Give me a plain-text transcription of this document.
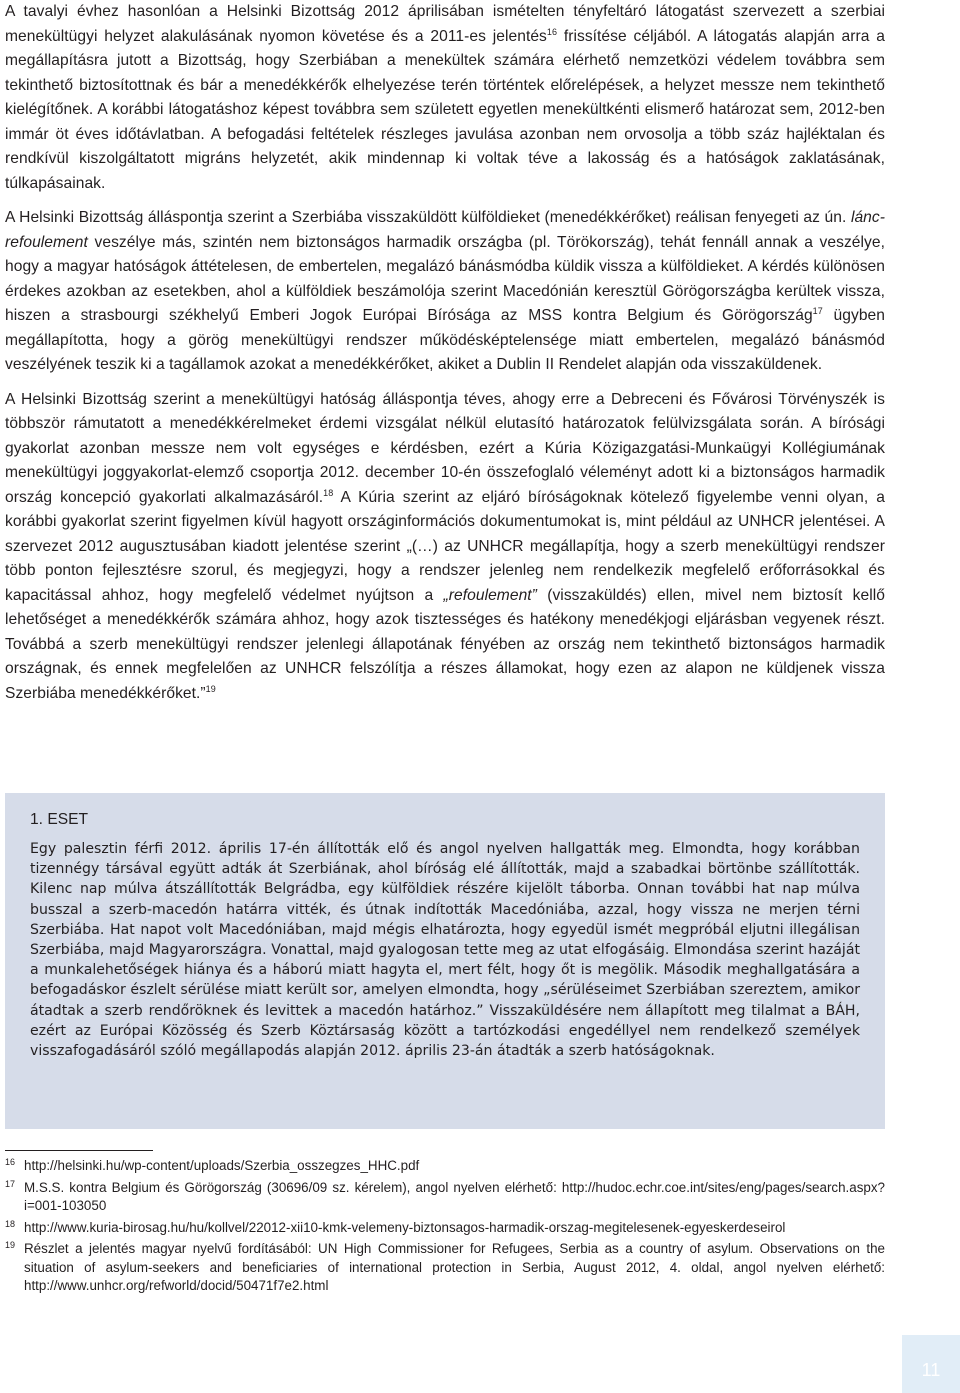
A tavalyi évhez hasonlóan a Helsinki Bizottság 2012 áprilisában ismételten tényfeltáró látogatást szervezett a szerbiai menekültügyi helyzet alakulásának nyomon követése és a 2011-es jelentés$^{16}$ frissítése céljából. A látogatás alapján arra a megállapításra jutott a Bizottság, hogy Szerbiában a menekültek számára elérhető nemzetközi védelem továbbra sem tekinthető biztosítottnak és bár a menedékkérők elhelyezése terén történtek előrelépések, a helyzet messze nem tekinthető kielégítőnek. A korábbi látogatáshoz képest továbbra sem született egyetlen menekültkénti elismerő határozat sem, 2012-ben immár öt éves időtávlatban. A befogadási feltételek részleges javulása azonban nem orvosolja a több száz hajléktalan és rendkívül kiszolgáltatott migráns helyzetét, akik mindennap ki voltak téve a lakosság és a hatóságok zaklatásának, túlkapásainak.

A Helsinki Bizottság álláspontja szerint a Szerbiába visszaküldött külföldieket (menedékkérőket) reálisan fenyegeti az ún. lánc-refoulement veszélye más, szintén nem biztonságos harmadik országba (pl. Törökország), tehát fennáll annak a veszélye, hogy a magyar hatóságok áttételesen, de embertelen, megalázó bánásmódba küldik vissza a külföldieket. A kérdés különösen érdekes azokban az esetekben, ahol a külföldiek beszámolója szerint Macedónián keresztül Görögországba kerültek vissza, hiszen a strasbourgi székhelyű Emberi Jogok Európai Bírósága az MSS kontra Belgium és Görögország$^{17}$ ügyben megállapította, hogy a görög menekültügyi rendszer működésképtelensége miatt embertelen, megalázó bánásmód veszélyének teszik ki a tagállamok azokat a menedékkérőket, akiket a Dublin II Rendelet alapján oda visszaküldenek.

A Helsinki Bizottság szerint a menekültügyi hatóság álláspontja téves, ahogy erre a Debreceni és Fővárosi Törvényszék is többször rámutatott a menedékkérelmeket érdemi vizsgálat nélkül elutasító határozatok felülvizsgálata során. A bírósági gyakorlat azonban messze nem volt egységes e kérdésben, ezért a Kúria Közigazgatási-Munkaügyi Kollégiumának menekültügyi joggyakorlat-elemző csoportja 2012. december 10-én összefoglaló véleményt adott ki a biztonságos harmadik ország koncepció gyakorlati alkalmazásáról.$^{18}$ A Kúria szerint az eljáró bíróságoknak kötelező figyelembe venni olyan, a korábbi gyakorlat szerint figyelmen kívül hagyott országinformációs dokumentumokat is, mint például az UNHCR jelentései. A szervezet 2012 augusztusában kiadott jelentése szerint „(…) az UNHCR megállapítja, hogy a szerb menekültügyi rendszer több ponton fejlesztésre szorul, és megjegyzi, hogy a rendszer jelenleg nem rendelkezik megfelelő erőforrásokkal és kapacitással ahhoz, hogy megfelelő védelmet nyújtson a „refoulement” (visszaküldés) ellen, mivel nem biztosít kellő lehetőséget a menedékkérők számára ahhoz, hogy azok tisztességes és hatékony menedékjogi eljárásban vegyenek részt. Továbbá a szerb menekültügyi rendszer jelenlegi állapotának fényében az ország nem tekinthető biztonságos harmadik országnak, és ennek megfelelően az UNHCR felszólítja a részes államokat, hogy ezen az alapon ne küldjenek vissza Szerbiába menedékkérőket.”$^{19}$

1. ESET

Egy palesztin férfi 2012. április 17-én állították elő és angol nyelven hallgatták meg. Elmondta, hogy korábban tizennégy társával együtt adták át Szerbiának, ahol bíróság elé állították, majd a szabadkai börtönbe szállították. Kilenc nap múlva átszállították Belgrádba, egy külföldiek részére kijelölt táborba. Onnan további hat nap múlva busszal a szerb-macedón határra vitték, és útnak indították Macedóniába, azzal, hogy vissza ne merjen térni Szerbiába. Hat napot volt Macedóniában, majd mégis elhatározta, hogy egyedül ismét megpróbál eljutni illegálisan Szerbiába, majd Magyarországra. Vonattal, majd gyalogosan tette meg az utat elfogásáig. Elmondása szerint hazáját a munkalehetőségek hiánya és a háború miatt hagyta el, mert félt, hogy őt is megölik. Második meghallgatására a befogadáskor észlelt sérülése miatt került sor, amelyen elmondta, hogy „sérüléseimet Szerbiában szereztem, amikor átadtak a szerb rendőröknek és levittek a macedón határhoz.” Visszaküldésére nem állapított meg tilalmat a BÁH, ezért az Európai Közösség és Szerb Köztársaság között a tartózkodási engedéllyel nem rendelkező személyek visszafogadásáról szóló megállapodás alapján 2012. április 23-án átadták a szerb hatóságoknak.

16 http://helsinki.hu/wp-content/uploads/Szerbia_osszegzes_HHC.pdf

17 M.S.S. kontra Belgium és Görögország (30696/09 sz. kérelem), angol nyelven elérhető: http://hudoc.echr.coe.int/sites/eng/pages/search.aspx?i=001-103050

18 http://www.kuria-birosag.hu/hu/kollvel/22012-xii10-kmk-velemeny-biztonsagos-harmadik-orszag-megitelesenek-egyeskerdeseirol

19 Részlet a jelentés magyar nyelvű fordításából: UN High Commissioner for Refugees, Serbia as a country of asylum. Observations on the situation of asylum-seekers and beneficiaries of international protection in Serbia, August 2012, 4. oldal, angol nyelven elérhető: http://www.unhcr.org/refworld/docid/50471f7e2.html

11
